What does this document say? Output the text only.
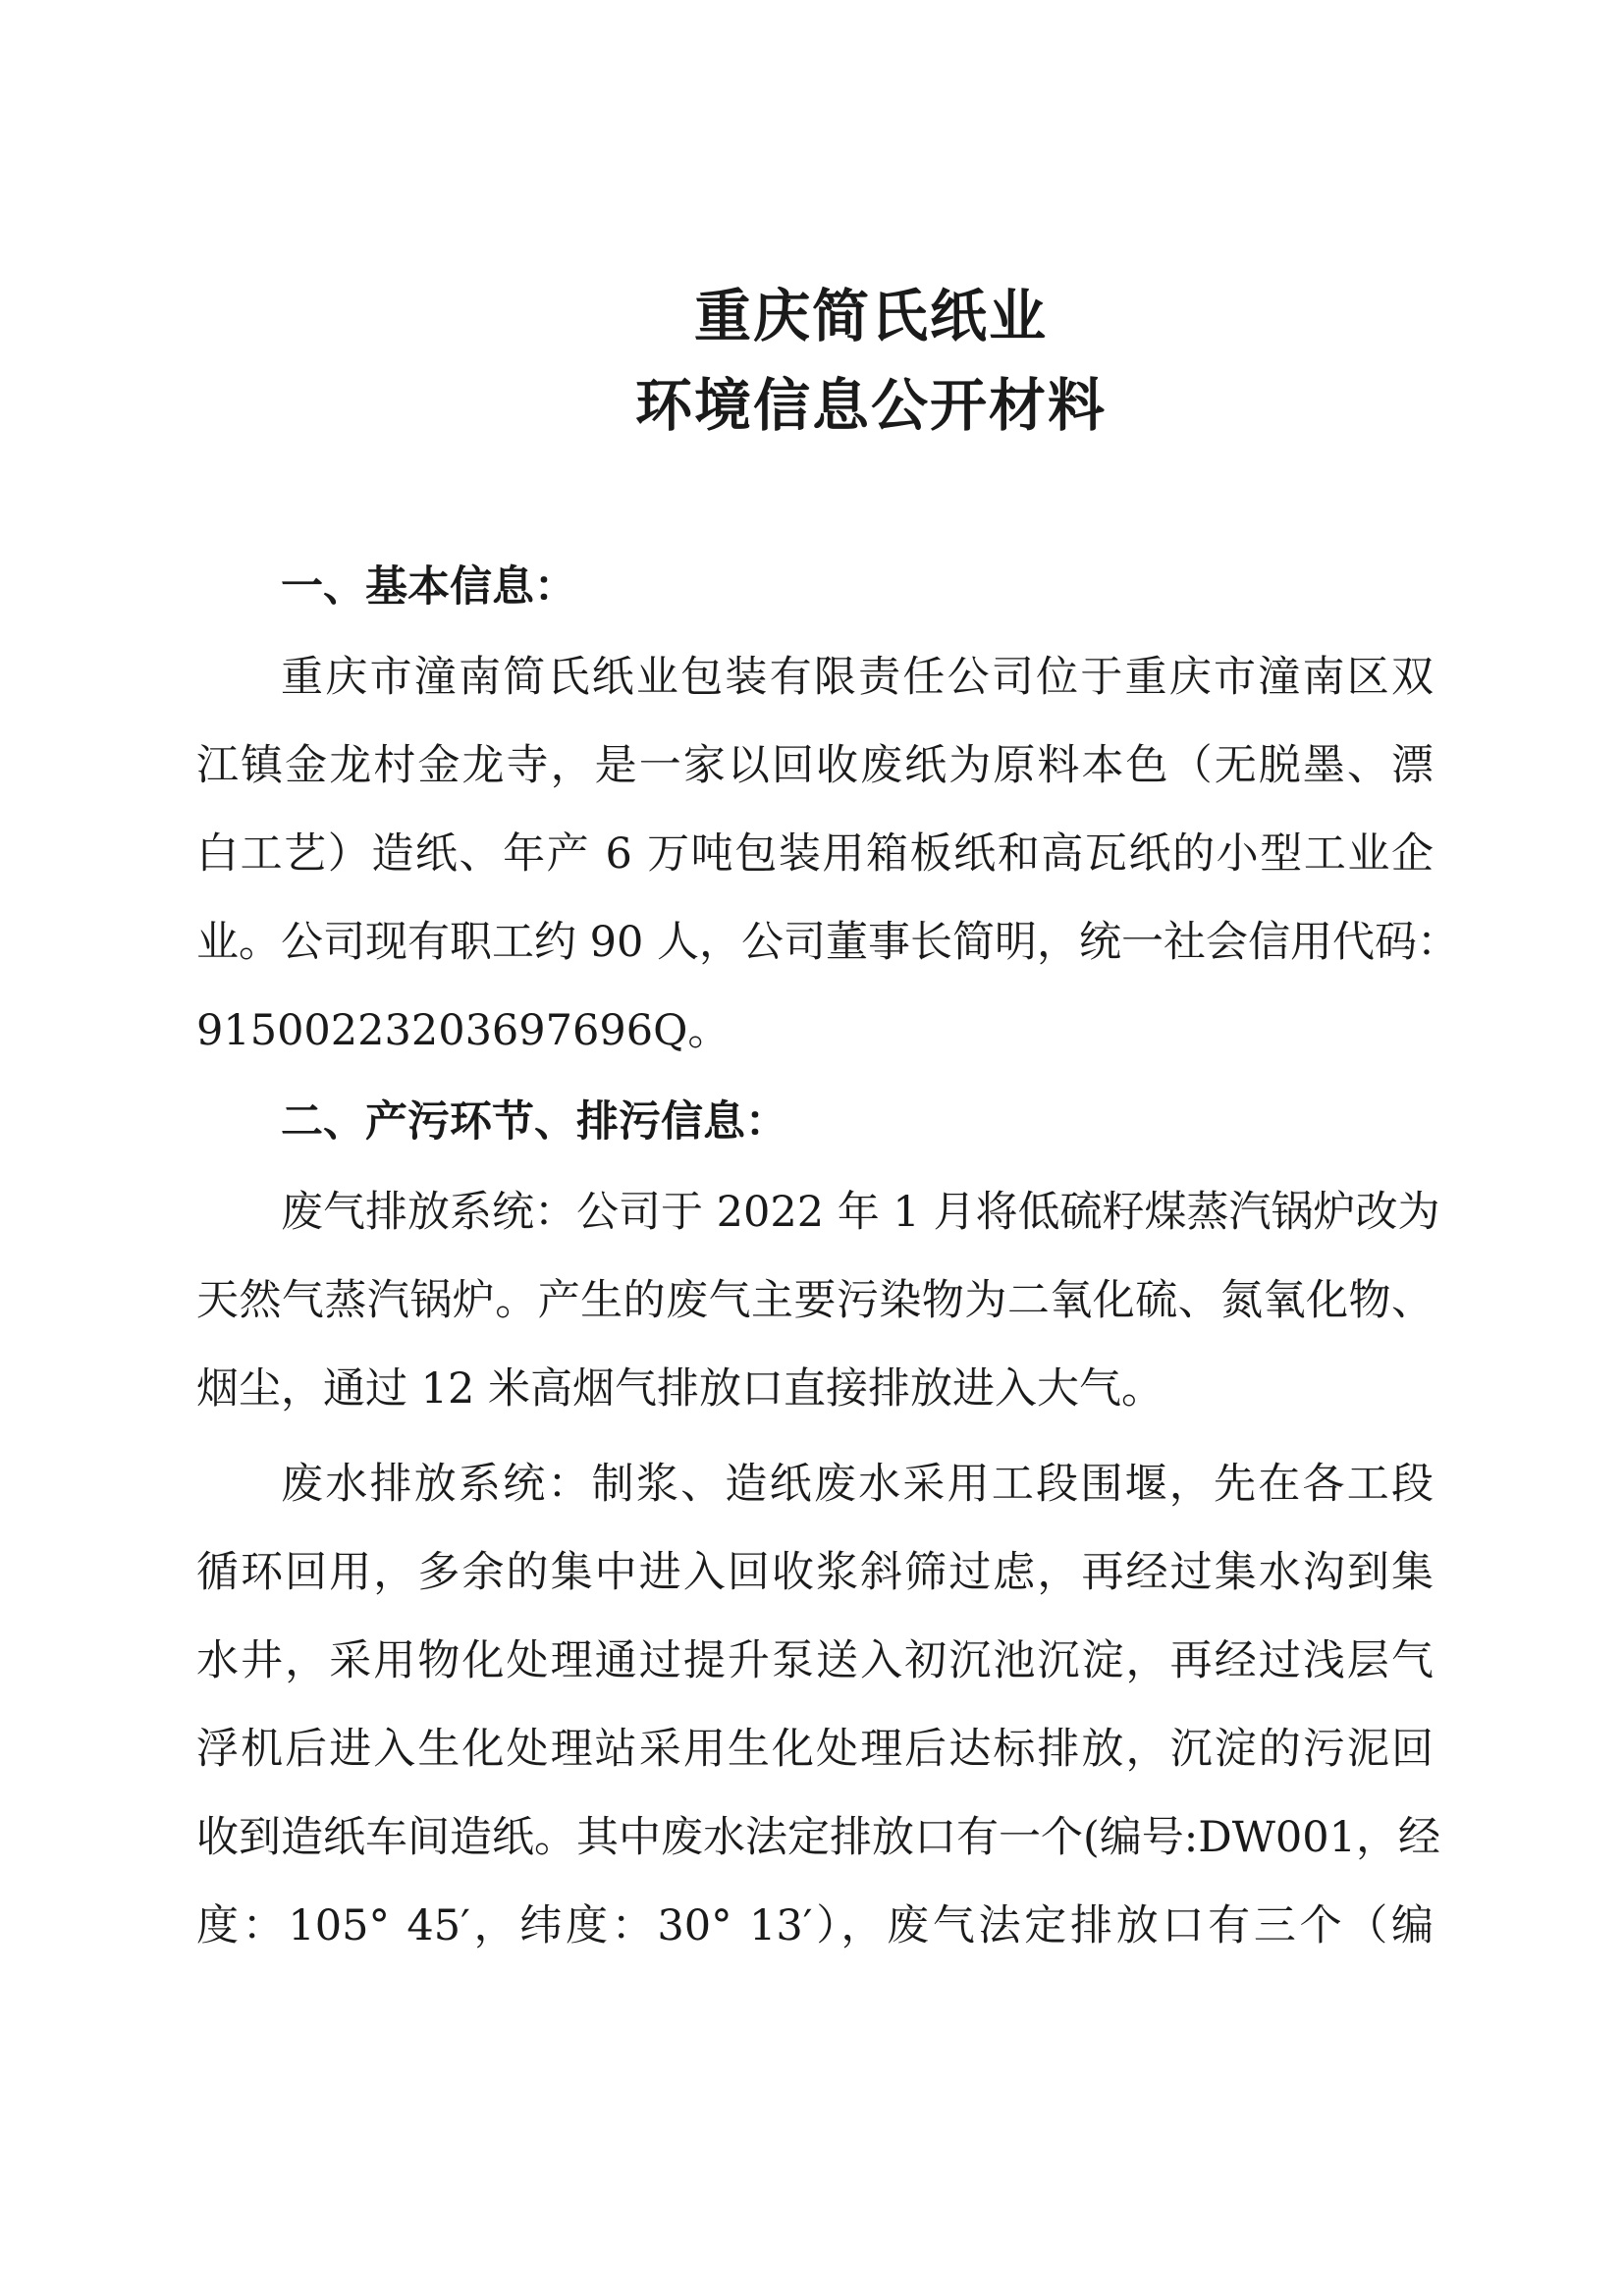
重庆简氏纸业
环境信息公开材料
一、基本信息：
重庆市潼南简氏纸业包装有限责任公司位于重庆市潼南区双
江镇金龙村金龙寺，是一家以回收废纸为原料本色（无脱墨、漂
白工艺）造纸、年产 6 万吨包装用箱板纸和高瓦纸的小型工业企
业。公司现有职工约 90 人，公司董事长简明，统一社会信用代码：
91500223203697696Q。
二、产污环节、排污信息：
废气排放系统：公司于 2022 年 1 月将低硫籽煤蒸汽锅炉改为
天然气蒸汽锅炉。产生的废气主要污染物为二氧化硫、氮氧化物、
烟尘，通过 12 米高烟气排放口直接排放进入大气。
废水排放系统：制浆、造纸废水采用工段围堰，先在各工段
循环回用，多余的集中进入回收浆斜筛过虑，再经过集水沟到集
水井，采用物化处理通过提升泵送入初沉池沉淀，再经过浅层气
浮机后进入生化处理站采用生化处理后达标排放，沉淀的污泥回
收到造纸车间造纸。其中废水法定排放口有一个(编号:DW001，经
度：105° 45′，纬度：30° 13′），废气法定排放口有三个（编
